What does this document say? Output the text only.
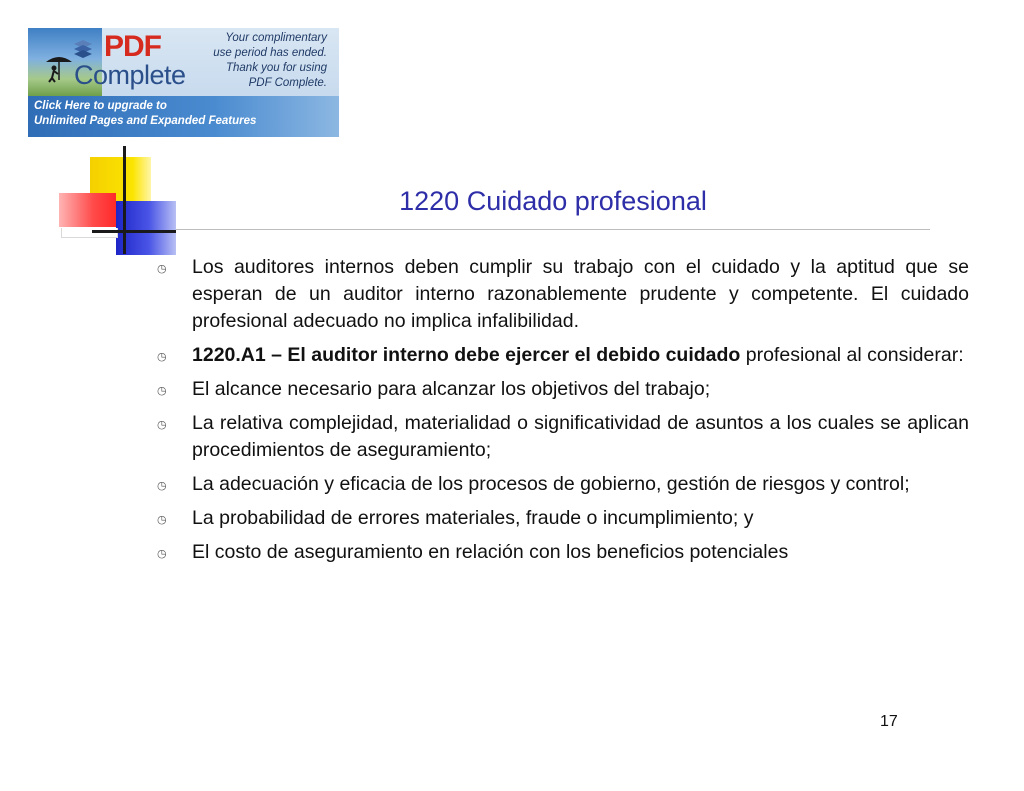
PDF
Complete
Your complimentary
use period has ended.
Thank you for using
PDF Complete.
Click Here to upgrade to
Unlimited Pages and Expanded Features
1220 Cuidado profesional
◷ Los auditores internos deben cumplir su trabajo con el cuidado y la aptitud que se esperan de un auditor interno razonablemente prudente y competente. El cuidado profesional adecuado no implica infalibilidad.
◷ 1220.A1 – El auditor interno debe ejercer el debido cuidado profesional al considerar:
◷ El alcance necesario para alcanzar los objetivos del trabajo;
◷ La relativa complejidad, materialidad o significatividad de asuntos a los cuales se aplican procedimientos de aseguramiento;
◷ La adecuación y eficacia de los procesos de gobierno, gestión de riesgos y control;
◷ La probabilidad de errores materiales, fraude o incumplimiento; y
◷ El costo de aseguramiento en relación con los beneficios potenciales
17
